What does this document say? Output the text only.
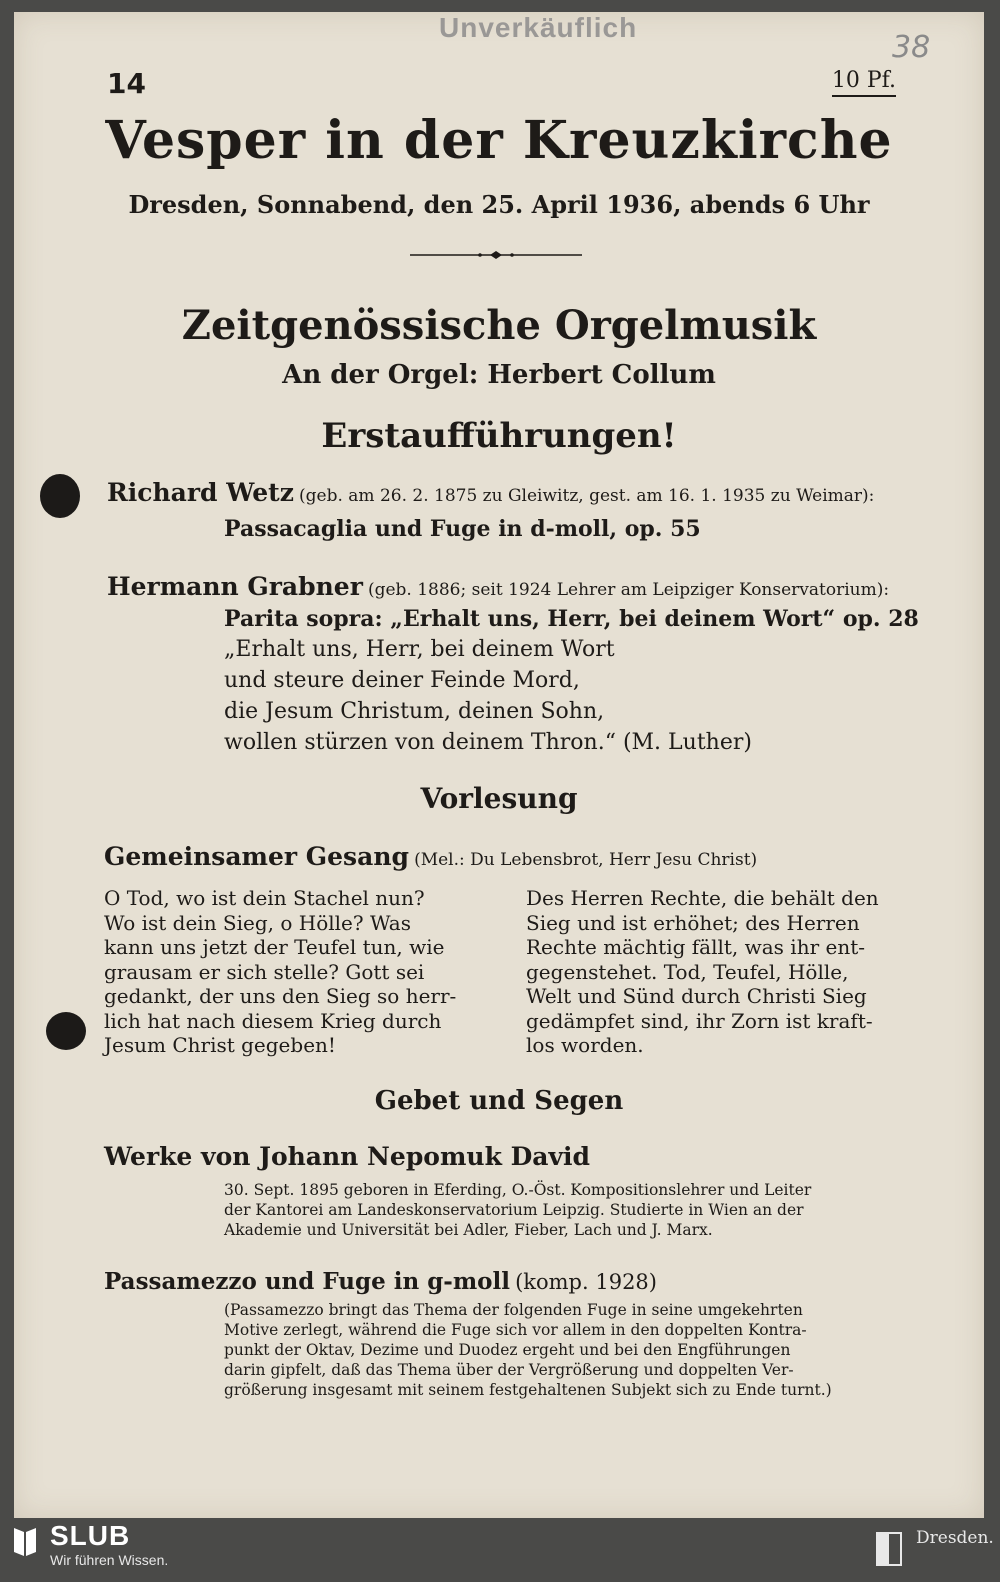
Unverkäuflich
38
14	10 Pf.
Vesper in der Kreuzkirche
Dresden, Sonnabend, den 25. April 1936, abends 6 Uhr
Zeitgenössische Orgelmusik
An der Orgel: Herbert Collum
Erstaufführungen!
Richard Wetz (geb. am 26. 2. 1875 zu Gleiwitz, gest. am 16. 1. 1935 zu Weimar):
Passacaglia und Fuge in d-moll, op. 55
Hermann Grabner (geb. 1886; seit 1924 Lehrer am Leipziger Konservatorium):
Parita sopra: „Erhalt uns, Herr, bei deinem Wort“ op. 28
„Erhalt uns, Herr, bei deinem Wort
und steure deiner Feinde Mord,
die Jesum Christum, deinen Sohn,
wollen stürzen von deinem Thron.“ (M. Luther)
Vorlesung
Gemeinsamer Gesang (Mel.: Du Lebensbrot, Herr Jesu Christ)
O Tod, wo ist dein Stachel nun?
Wo ist dein Sieg, o Hölle? Was
kann uns jetzt der Teufel tun, wie
grausam er sich stelle? Gott sei
gedankt, der uns den Sieg so herr-
lich hat nach diesem Krieg durch
Jesum Christ gegeben!
Des Herren Rechte, die behält den
Sieg und ist erhöhet; des Herren
Rechte mächtig fällt, was ihr ent-
gegenstehet. Tod, Teufel, Hölle,
Welt und Sünd durch Christi Sieg
gedämpfet sind, ihr Zorn ist kraft-
los worden.
Gebet und Segen
Werke von Johann Nepomuk David
30. Sept. 1895 geboren in Eferding, O.-Öst. Kompositionslehrer und Leiter
der Kantorei am Landeskonservatorium Leipzig. Studierte in Wien an der
Akademie und Universität bei Adler, Fieber, Lach und J. Marx.
Passamezzo und Fuge in g-moll (komp. 1928)
(Passamezzo bringt das Thema der folgenden Fuge in seine umgekehrten
Motive zerlegt, während die Fuge sich vor allem in den doppelten Kontra-
punkt der Oktav, Dezime und Duodez ergeht und bei den Engführungen
darin gipfelt, daß das Thema über der Vergrößerung und doppelten Ver-
größerung insgesamt mit seinem festgehaltenen Subjekt sich zu Ende turnt.)
SLUB
Wir führen Wissen.
Dresden.
